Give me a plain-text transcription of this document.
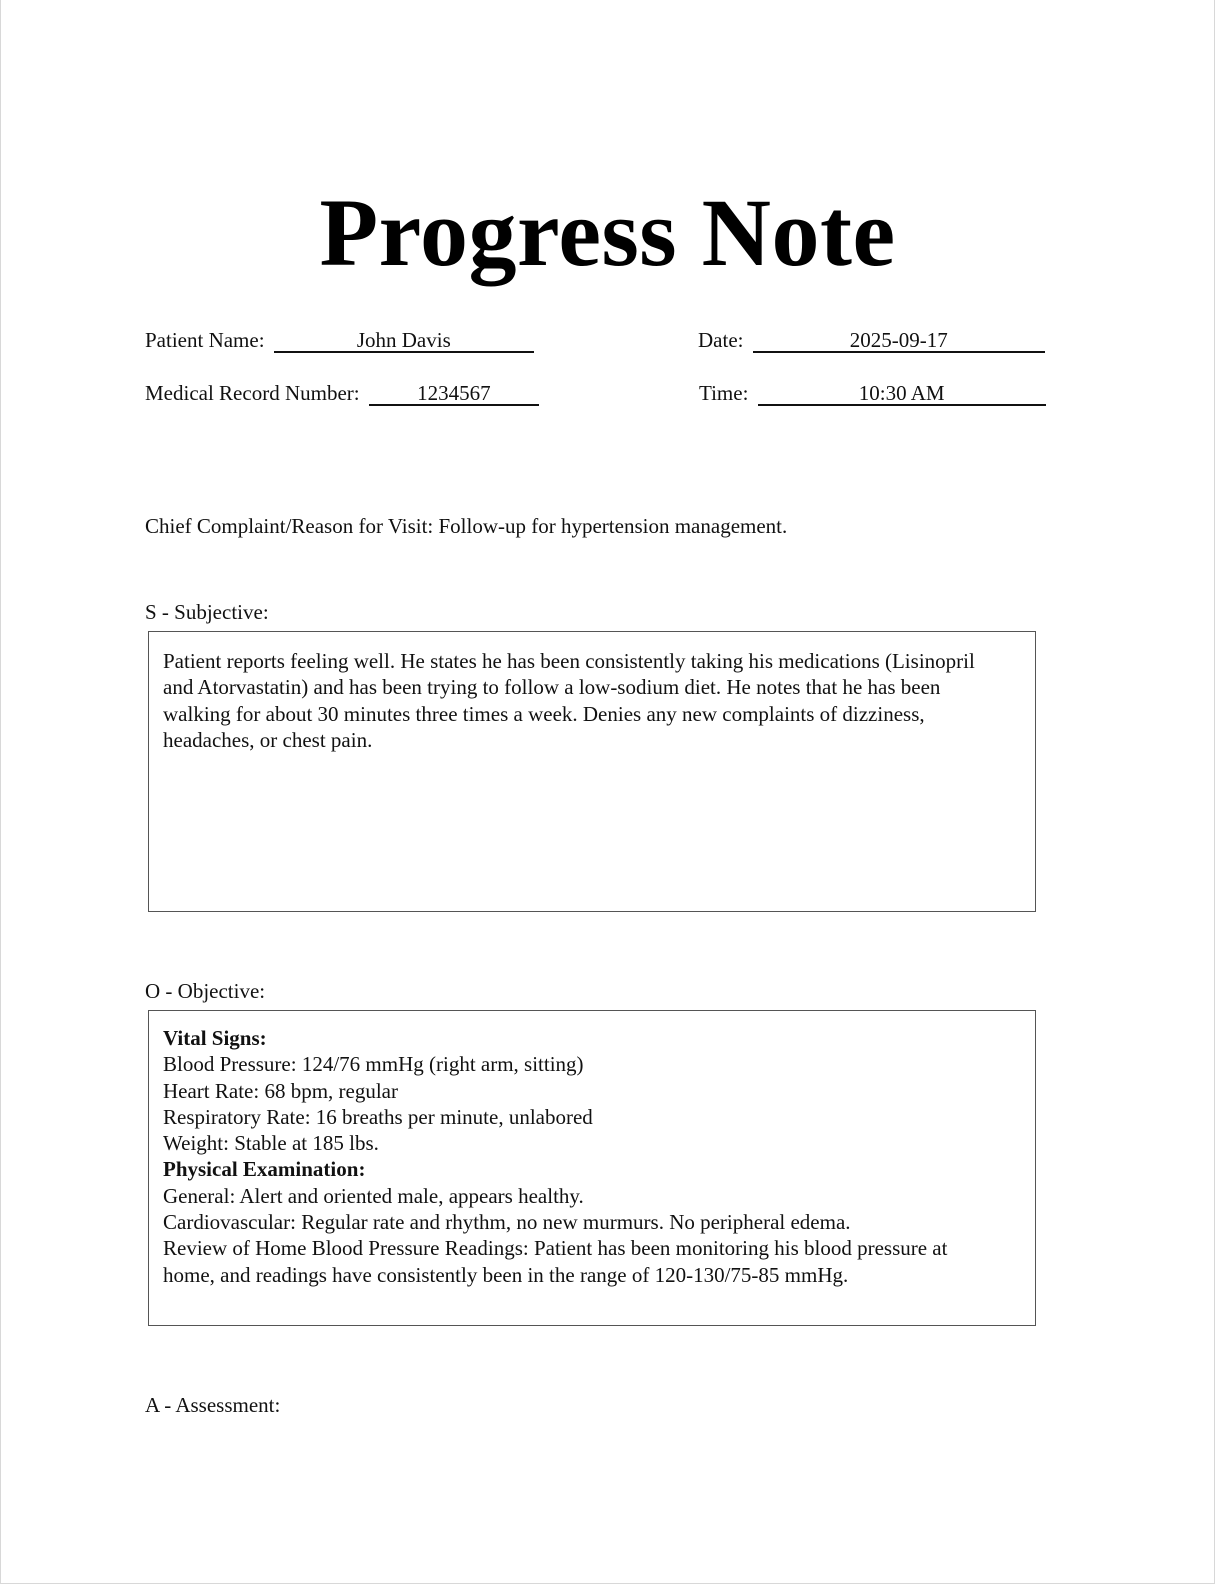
Progress Note
Patient Name:	John Davis	Date:	2025-09-17
Medical Record Number:	1234567	Time:	10:30 AM
Chief Complaint/Reason for Visit: Follow-up for hypertension management.
S - Subjective:

Patient reports feeling well. He states he has been consistently taking his medications (Lisinopril

and Atorvastatin) and has been trying to follow a low-sodium diet. He notes that he has been

walking for about 30 minutes three times a week. Denies any new complaints of dizziness,

headaches, or chest pain.

O - Objective:

Vital Signs:

Blood Pressure: 124/76 mmHg (right arm, sitting)

Heart Rate: 68 bpm, regular

Respiratory Rate: 16 breaths per minute, unlabored

Weight: Stable at 185 lbs.

Physical Examination:

General: Alert and oriented male, appears healthy.

Cardiovascular: Regular rate and rhythm, no new murmurs. No peripheral edema.

Review of Home Blood Pressure Readings: Patient has been monitoring his blood pressure at

home, and readings have consistently been in the range of 120-130/75-85 mmHg.

A - Assessment:
